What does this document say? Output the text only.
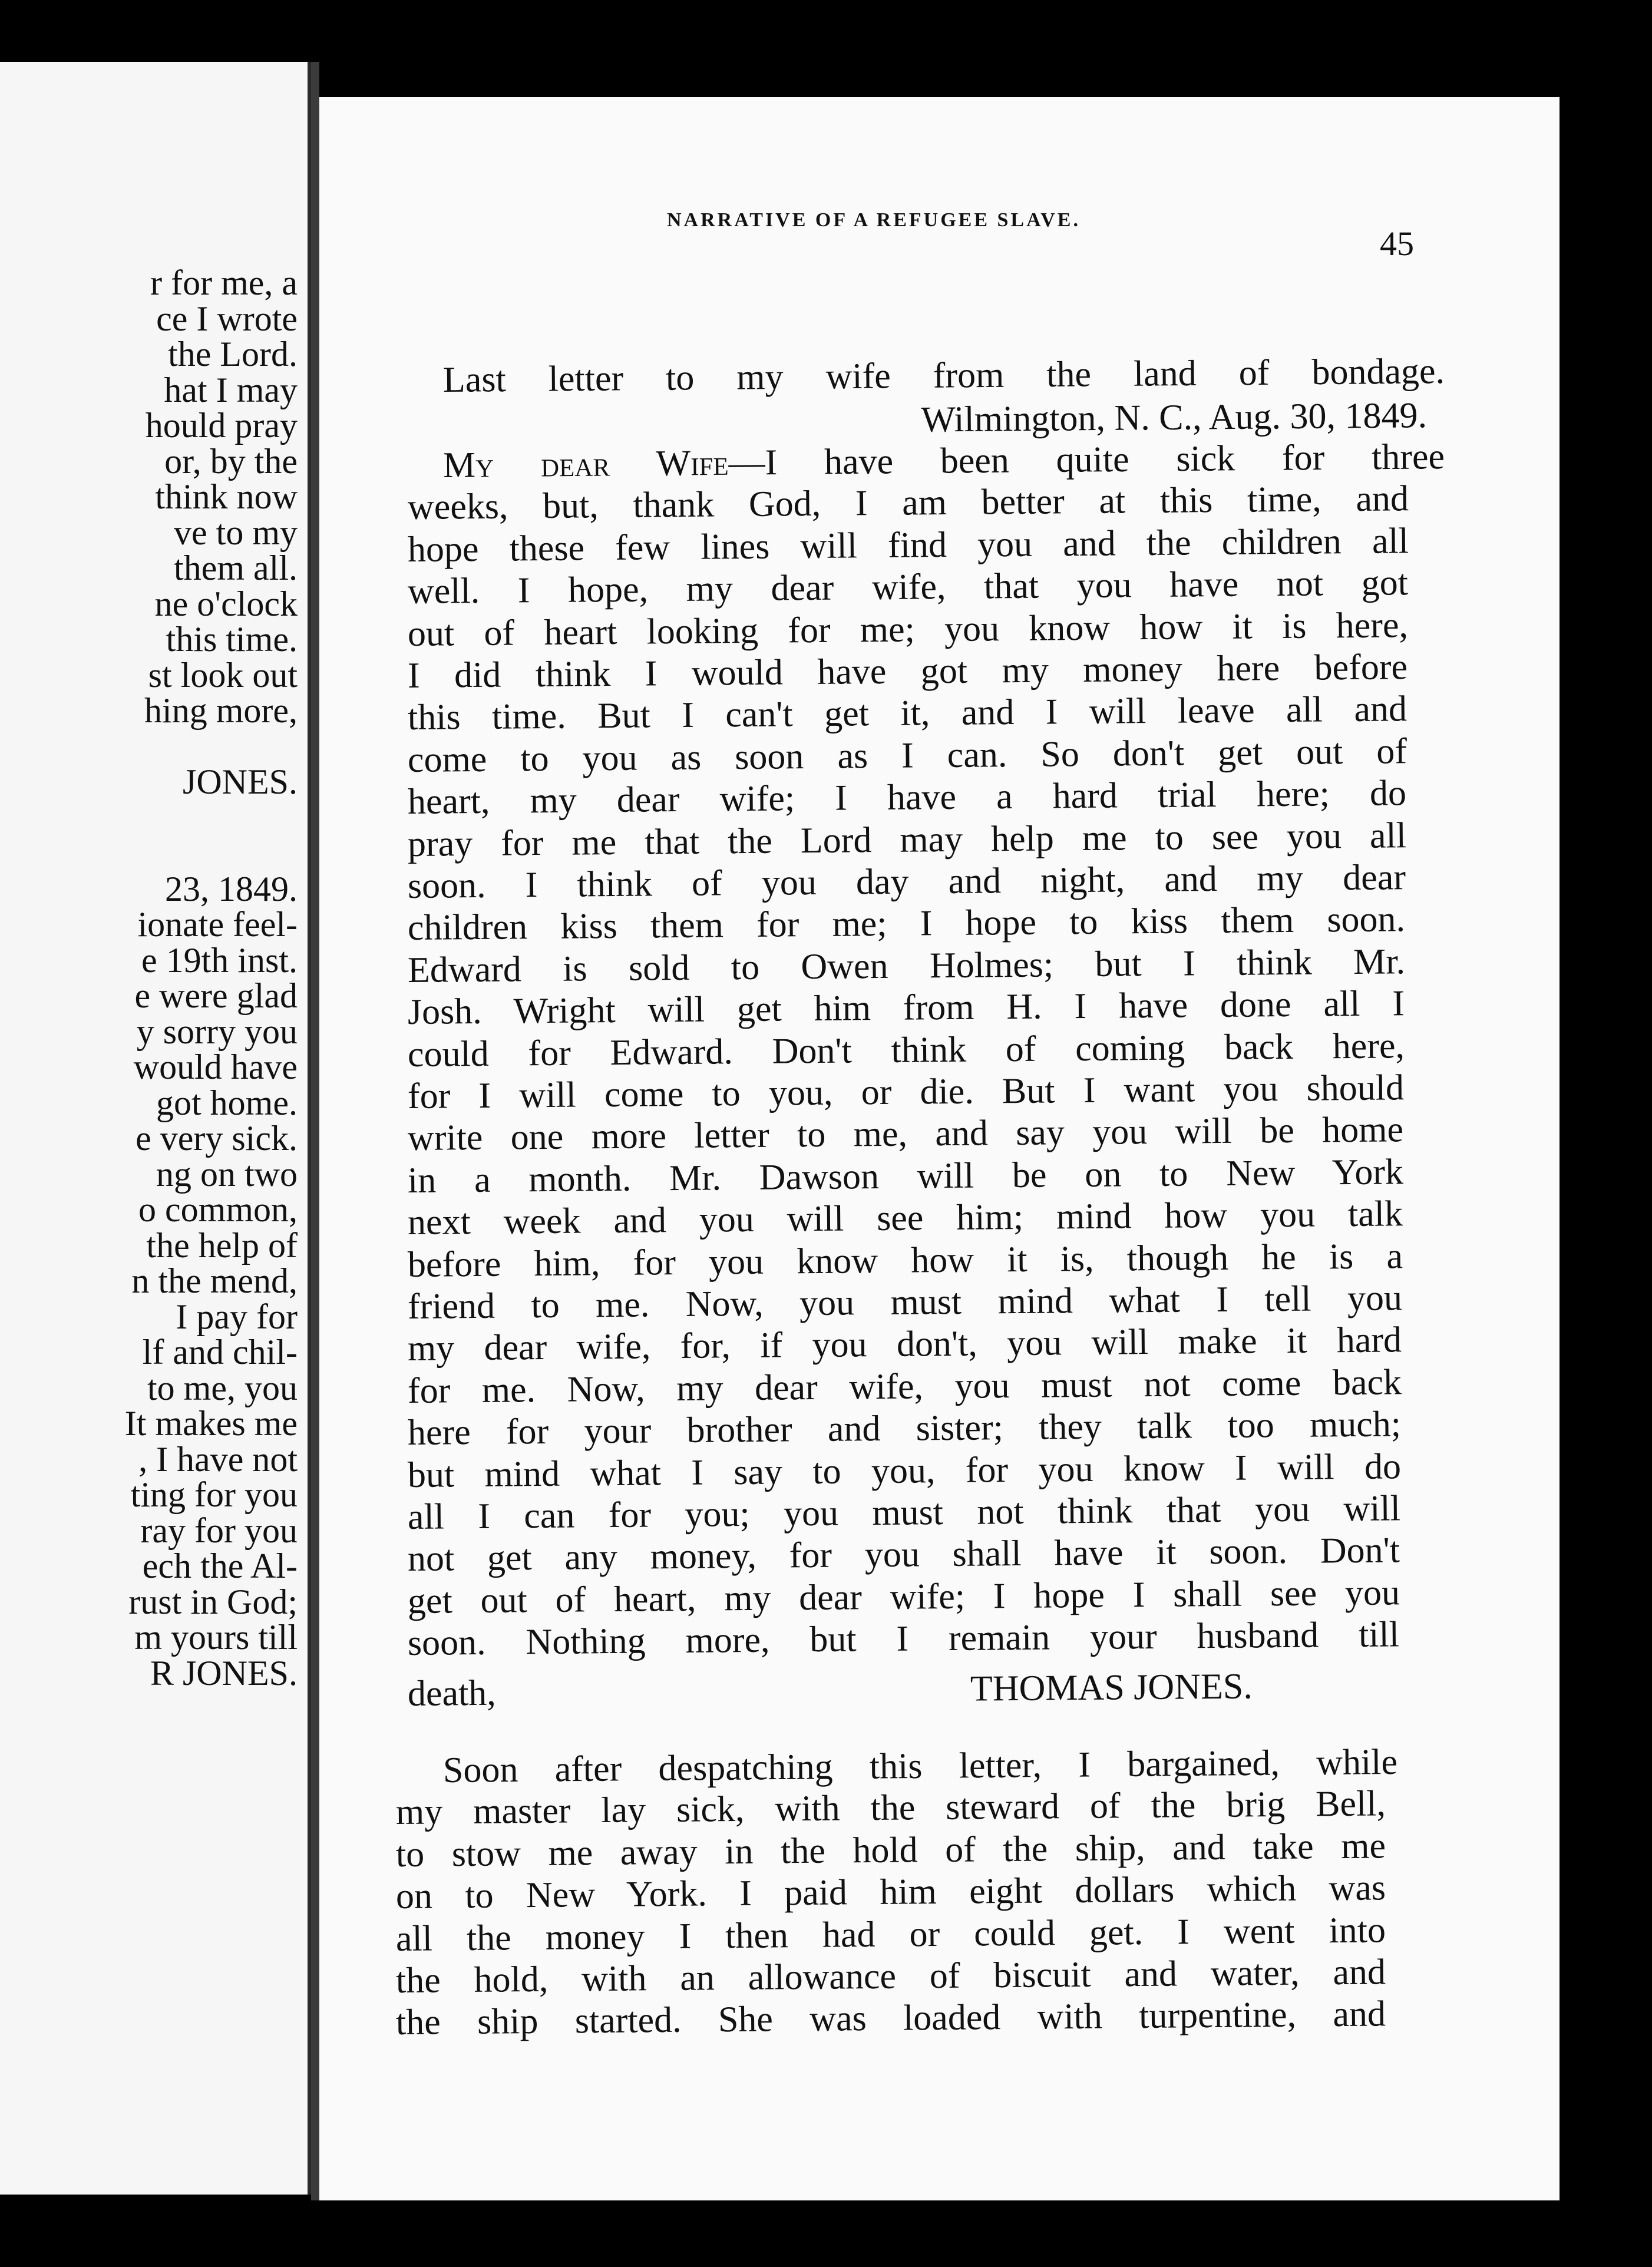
r for me, a
ce I wrote
the Lord.
hat I may
hould pray
or, by the
think now
ve to my
them all.
ne o'clock
this time.
st look out
hing more,
JONES.
23, 1849.
ionate feel-
e 19th inst.
e were glad
y sorry you
would have
got home.
e very sick.
ng on two
o common,
the help of
n the mend,
I pay for
lf and chil-
to me, you
It makes me
, I have not
ting for you
ray for you
ech the Al-
rust in God;
m yours till
R JONES.
NARRATIVE OF A REFUGEE SLAVE.
45
Last letter to my wife from the land of bondage.
Wilmington, N. C., Aug. 30, 1849.
My dear Wife—I have been quite sick for three
weeks, but, thank God, I am better at this time, and
hope these few lines will find you and the children all
well. I hope, my dear wife, that you have not got
out of heart looking for me; you know how it is here,
I did think I would have got my money here before
this time. But I can't get it, and I will leave all and
come to you as soon as I can. So don't get out of
heart, my dear wife; I have a hard trial here; do
pray for me that the Lord may help me to see you all
soon. I think of you day and night, and my dear
children kiss them for me; I hope to kiss them soon.
Edward is sold to Owen Holmes; but I think Mr.
Josh. Wright will get him from H. I have done all I
could for Edward. Don't think of coming back here,
for I will come to you, or die. But I want you should
write one more letter to me, and say you will be home
in a month. Mr. Dawson will be on to New York
next week and you will see him; mind how you talk
before him, for you know how it is, though he is a
friend to me. Now, you must mind what I tell you
my dear wife, for, if you don't, you will make it hard
for me. Now, my dear wife, you must not come back
here for your brother and sister; they talk too much;
but mind what I say to you, for you know I will do
all I can for you; you must not think that you will
not get any money, for you shall have it soon. Don't
get out of heart, my dear wife; I hope I shall see you
soon. Nothing more, but I remain your husband till
death,	THOMAS JONES.
Soon after despatching this letter, I bargained, while
my master lay sick, with the steward of the brig Bell,
to stow me away in the hold of the ship, and take me
on to New York. I paid him eight dollars which was
all the money I then had or could get. I went into
the hold, with an allowance of biscuit and water, and
the ship started. She was loaded with turpentine, and
